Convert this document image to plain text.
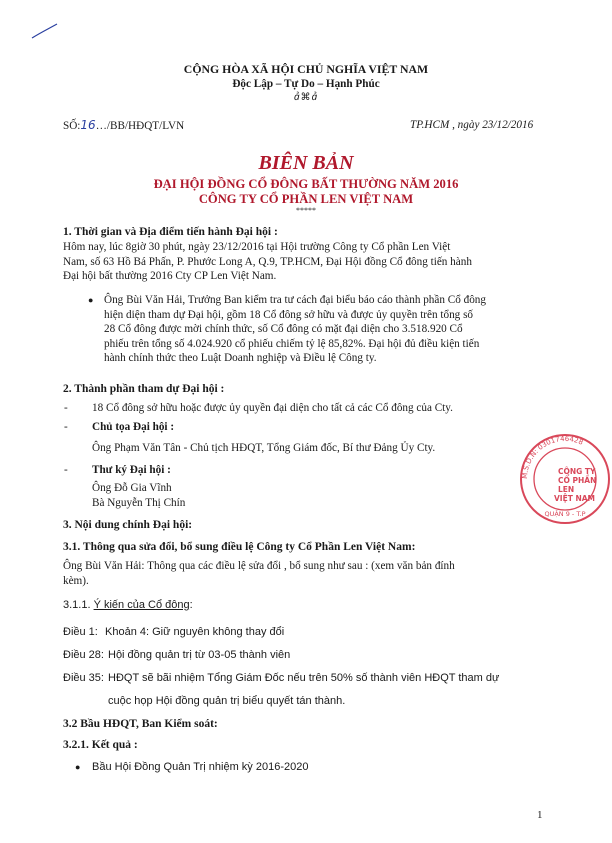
CỘNG HÒA XÃ HỘI CHỦ NGHĨA VIỆT NAM
Độc Lập – Tự Do – Hạnh Phúc
ꞻ⌘ꞻ
SỐ:16…/BB/HĐQT/LVN	TP.HCM , ngày 23/12/2016
BIÊN BẢN
ĐẠI HỘI ĐỒNG CỔ ĐÔNG BẤT THƯỜNG NĂM 2016
CÔNG TY CỔ PHẦN LEN VIỆT NAM
*****
1. Thời gian và Địa điểm tiến hành Đại hội :
Hôm nay, lúc 8giờ 30 phút, ngày 23/12/2016 tại Hội trường Công ty Cổ phần Len Việt
Nam, số 63 Hồ Bá Phấn, P. Phước Long A, Q.9, TP.HCM, Đại Hội đồng Cổ đông tiến hành
Đại hội bất thường 2016 Cty CP Len Việt Nam.
● Ông Bùi Văn Hải, Trưởng Ban kiểm tra tư cách đại biểu báo cáo thành phần Cổ đông
hiện diện tham dự Đại hội, gồm 18 Cổ đông sở hữu và được ủy quyền trên tổng số
28 Cổ đông được mời chính thức, số Cổ đông có mặt đại diện cho 3.518.920 Cổ
phiếu trên tổng số 4.024.920 cổ phiếu chiếm tỷ lệ 85,82%. Đại hội đủ điều kiện tiến
hành chính thức theo Luật Doanh nghiệp và Điều lệ Công ty.
2. Thành phần tham dự Đại hội :
- 18 Cổ đông sở hữu hoặc được ủy quyền đại diện cho tất cả các Cổ đông của Cty.
- Chủ tọa Đại hội :
Ông Phạm Văn Tân - Chủ tịch HĐQT, Tổng Giám đốc, Bí thư Đảng Ủy Cty.
- Thư ký Đại hội :
Ông Đỗ Gia Vĩnh
Bà Nguyễn Thị Chín
3. Nội dung chính Đại hội:
3.1. Thông qua sửa đổi, bổ sung điều lệ Công ty Cổ Phần Len Việt Nam:
Ông Bùi Văn Hải: Thông qua các điều lệ sửa đổi , bổ sung như sau : (xem văn bản đính
kèm).
3.1.1. Ý kiến của Cổ đông:
Điều 1: Khoản 4: Giữ nguyên không thay đổi
Điều 28: Hội đồng quản trị từ 03-05 thành viên
Điều 35: HĐQT sẽ bãi nhiệm Tổng Giám Đốc nếu trên 50% số thành viên HĐQT tham dự
cuộc họp Hội đồng quản trị biểu quyết tán thành.
3.2 Bầu HĐQT, Ban Kiểm soát:
3.2.1. Kết quả :
● Bầu Hội Đồng Quản Trị nhiệm kỳ 2016-2020
M.S.D.N: 0301746428
QUẬN 9 - T.P
CÔNG TY
CỔ PHẦN
LEN
VIỆT NAM
1
